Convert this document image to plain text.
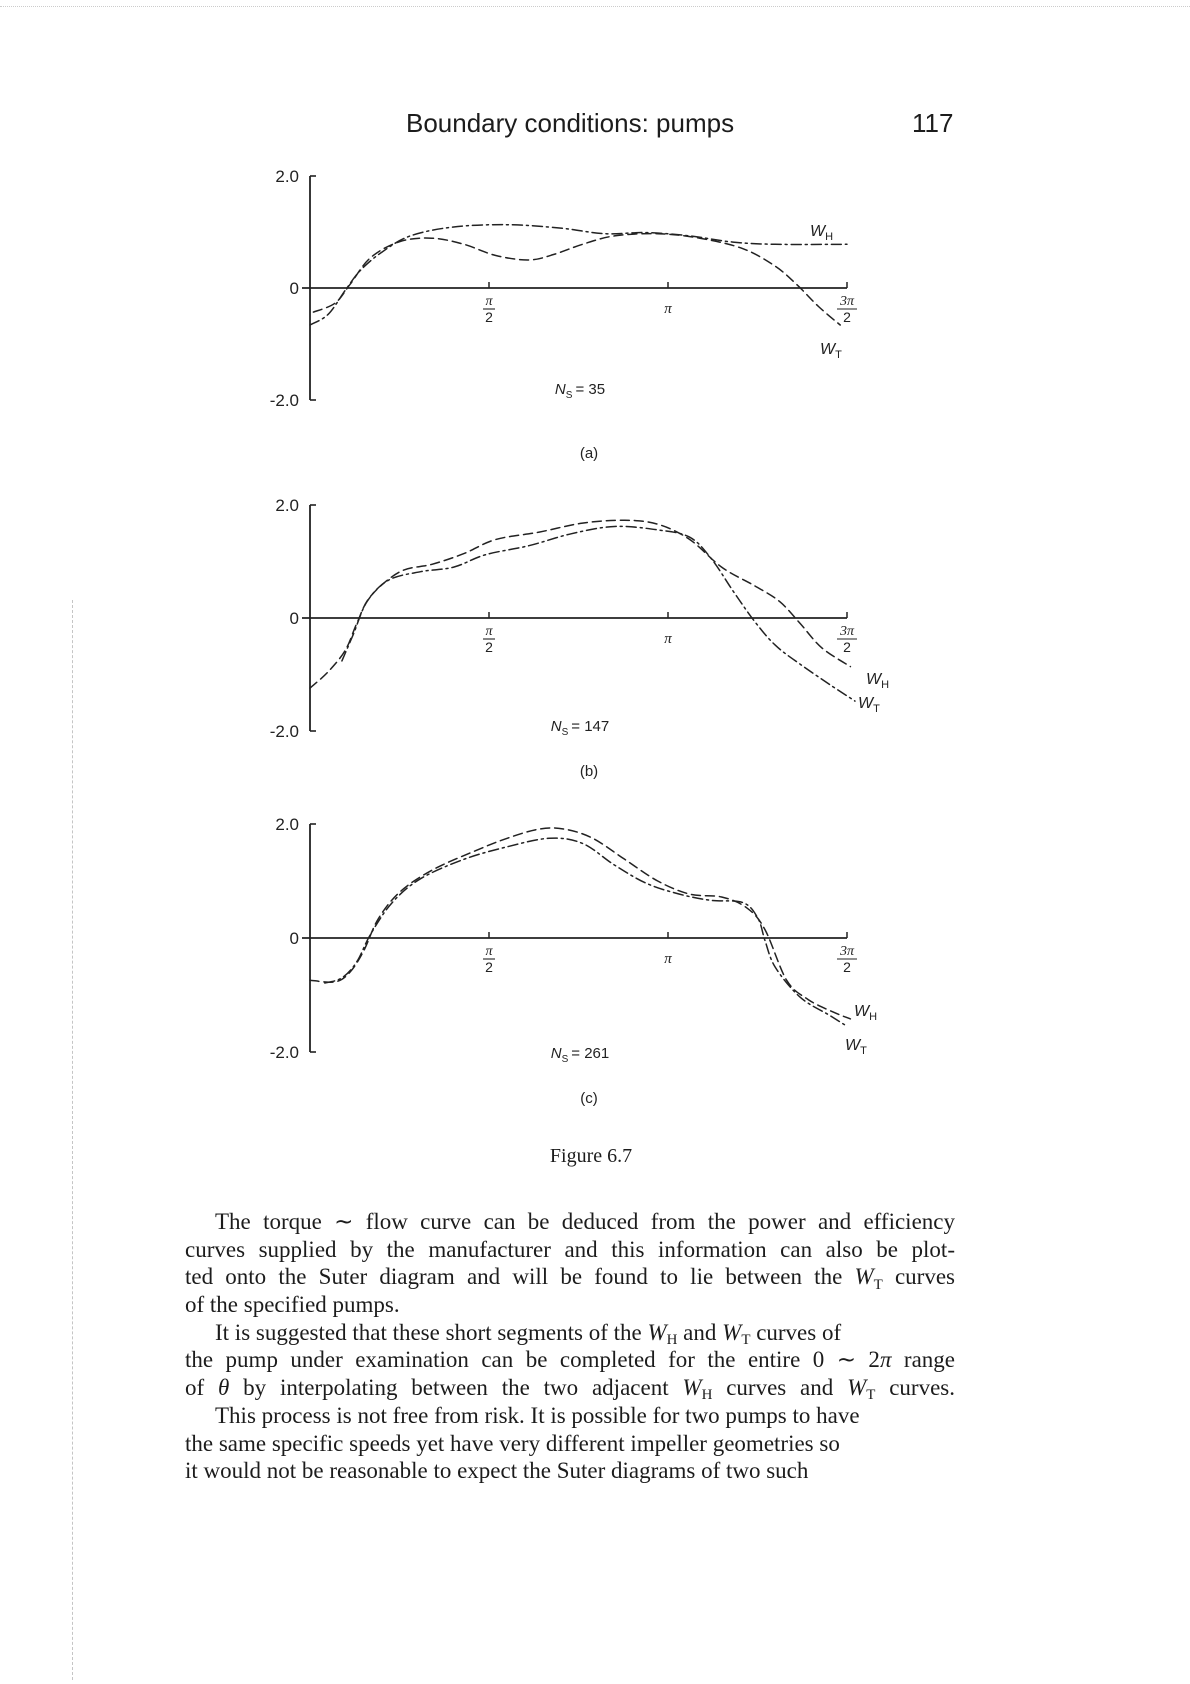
Boundary conditions: pumps	117
2.0
0
-2.0
π
2	π	3π
2
$W_H$
$W_T$
$N_S = 35$
(a)
2.0
0
-2.0
π
2	π	3π
2
$W_H$
$W_T$
$N_S = 147$
(b)
2.0
0
-2.0
π
2	π	3π
2
$W_H$
$W_T$
$N_S = 261$
(c)
Figure 6.7
The torque ∼ flow curve can be deduced from the power and efficiency
curves supplied by the manufacturer and this information can also be plot-
ted onto the Suter diagram and will be found to lie between the WT curves
of the specified pumps.
It is suggested that these short segments of the WH and WT curves of
the pump under examination can be completed for the entire 0 ∼ 2π range
of θ by interpolating between the two adjacent WH curves and WT curves.
This process is not free from risk. It is possible for two pumps to have
the same specific speeds yet have very different impeller geometries so
it would not be reasonable to expect the Suter diagrams of two such
